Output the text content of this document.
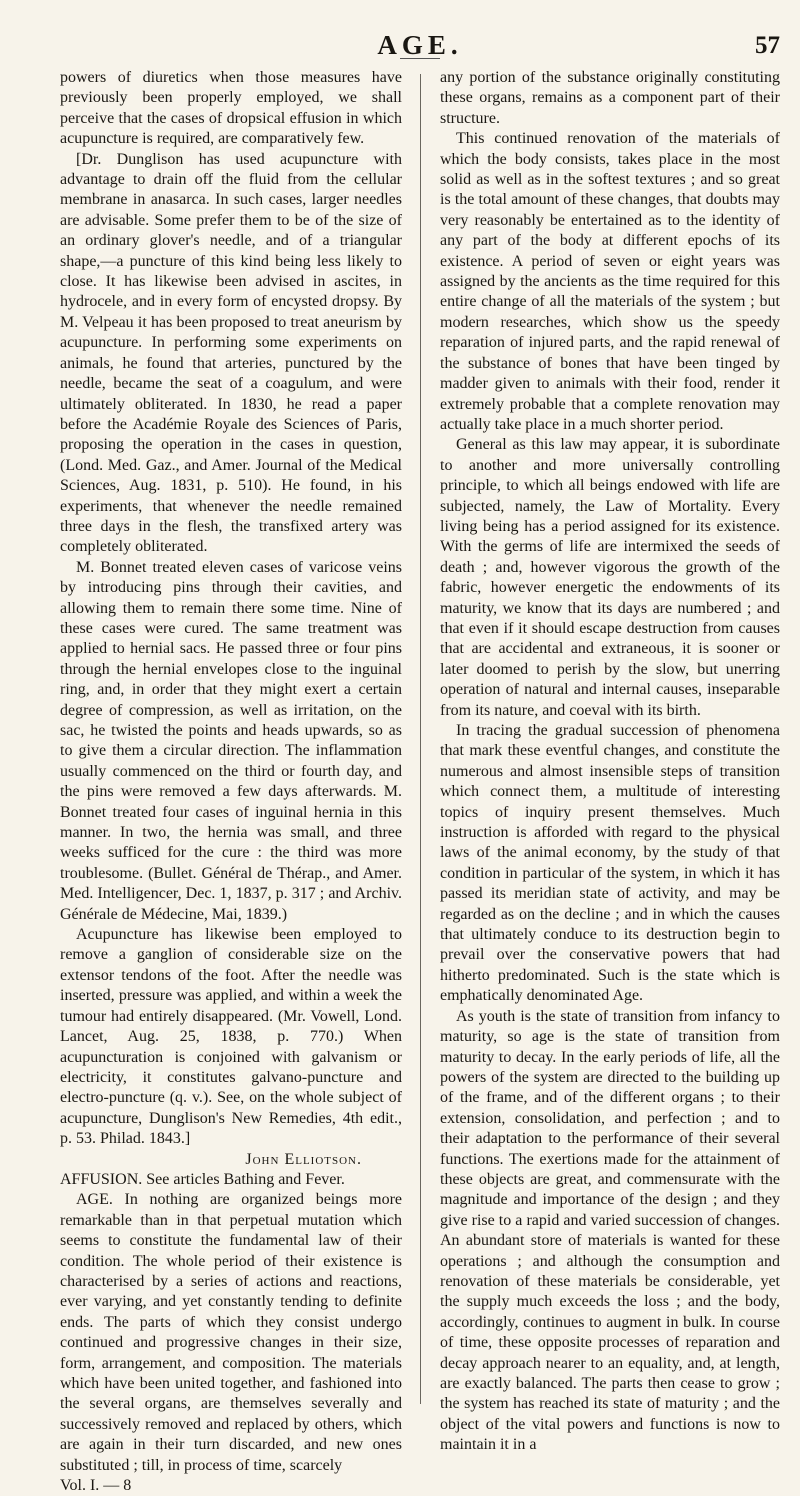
AGE.	57

powers of diuretics when those measures have previously been properly employed, we shall perceive that the cases of dropsical effusion in which acupuncture is required, are comparatively few.

[Dr. Dunglison has used acupuncture with advantage to drain off the fluid from the cellular membrane in anasarca. In such cases, larger needles are advisable. Some prefer them to be of the size of an ordinary glover's needle, and of a triangular shape,—a puncture of this kind being less likely to close. It has likewise been advised in ascites, in hydrocele, and in every form of encysted dropsy. By M. Velpeau it has been proposed to treat aneurism by acupuncture. In performing some experiments on animals, he found that arteries, punctured by the needle, became the seat of a coagulum, and were ultimately obliterated. In 1830, he read a paper before the Académie Royale des Sciences of Paris, proposing the operation in the cases in question, (Lond. Med. Gaz., and Amer. Journal of the Medical Sciences, Aug. 1831, p. 510). He found, in his experiments, that whenever the needle remained three days in the flesh, the transfixed artery was completely obliterated.

M. Bonnet treated eleven cases of varicose veins by introducing pins through their cavities, and allowing them to remain there some time. Nine of these cases were cured. The same treatment was applied to hernial sacs. He passed three or four pins through the hernial envelopes close to the inguinal ring, and, in order that they might exert a certain degree of compression, as well as irritation, on the sac, he twisted the points and heads upwards, so as to give them a circular direction. The inflammation usually commenced on the third or fourth day, and the pins were removed a few days afterwards. M. Bonnet treated four cases of inguinal hernia in this manner. In two, the hernia was small, and three weeks sufficed for the cure : the third was more troublesome. (Bullet. Général de Thérap., and Amer. Med. Intelligencer, Dec. 1, 1837, p. 317 ; and Archiv. Générale de Médecine, Mai, 1839.)

Acupuncture has likewise been employed to remove a ganglion of considerable size on the extensor tendons of the foot. After the needle was inserted, pressure was applied, and within a week the tumour had entirely disappeared. (Mr. Vowell, Lond. Lancet, Aug. 25, 1838, p. 770.) When acupuncturation is conjoined with galvanism or electricity, it constitutes galvano-puncture and electro-puncture (q. v.). See, on the whole subject of acupuncture, Dunglison's New Remedies, 4th edit., p. 53. Philad. 1843.]

John Elliotson.

AFFUSION. See articles Bathing and Fever.

AGE. In nothing are organized beings more remarkable than in that perpetual mutation which seems to constitute the fundamental law of their condition. The whole period of their existence is characterised by a series of actions and reactions, ever varying, and yet constantly tending to definite ends. The parts of which they consist undergo continued and progressive changes in their size, form, arrangement, and composition. The materials which have been united together, and fashioned into the several organs, are themselves severally and successively removed and replaced by others, which are again in their turn discarded, and new ones substituted ; till, in process of time, scarcely

Vol. I. — 8

any portion of the substance originally constituting these organs, remains as a component part of their structure.

This continued renovation of the materials of which the body consists, takes place in the most solid as well as in the softest textures ; and so great is the total amount of these changes, that doubts may very reasonably be entertained as to the identity of any part of the body at different epochs of its existence. A period of seven or eight years was assigned by the ancients as the time required for this entire change of all the materials of the system ; but modern researches, which show us the speedy reparation of injured parts, and the rapid renewal of the substance of bones that have been tinged by madder given to animals with their food, render it extremely probable that a complete renovation may actually take place in a much shorter period.

General as this law may appear, it is subordinate to another and more universally controlling principle, to which all beings endowed with life are subjected, namely, the Law of Mortality. Every living being has a period assigned for its existence. With the germs of life are intermixed the seeds of death ; and, however vigorous the growth of the fabric, however energetic the endowments of its maturity, we know that its days are numbered ; and that even if it should escape destruction from causes that are accidental and extraneous, it is sooner or later doomed to perish by the slow, but unerring operation of natural and internal causes, inseparable from its nature, and coeval with its birth.

In tracing the gradual succession of phenomena that mark these eventful changes, and constitute the numerous and almost insensible steps of transition which connect them, a multitude of interesting topics of inquiry present themselves. Much instruction is afforded with regard to the physical laws of the animal economy, by the study of that condition in particular of the system, in which it has passed its meridian state of activity, and may be regarded as on the decline ; and in which the causes that ultimately conduce to its destruction begin to prevail over the conservative powers that had hitherto predominated. Such is the state which is emphatically denominated Age.

As youth is the state of transition from infancy to maturity, so age is the state of transition from maturity to decay. In the early periods of life, all the powers of the system are directed to the building up of the frame, and of the different organs ; to their extension, consolidation, and perfection ; and to their adaptation to the performance of their several functions. The exertions made for the attainment of these objects are great, and commensurate with the magnitude and importance of the design ; and they give rise to a rapid and varied succession of changes. An abundant store of materials is wanted for these operations ; and although the consumption and renovation of these materials be considerable, yet the supply much exceeds the loss ; and the body, accordingly, continues to augment in bulk. In course of time, these opposite processes of reparation and decay approach nearer to an equality, and, at length, are exactly balanced. The parts then cease to grow ; the system has reached its state of maturity ; and the object of the vital powers and functions is now to maintain it in a
